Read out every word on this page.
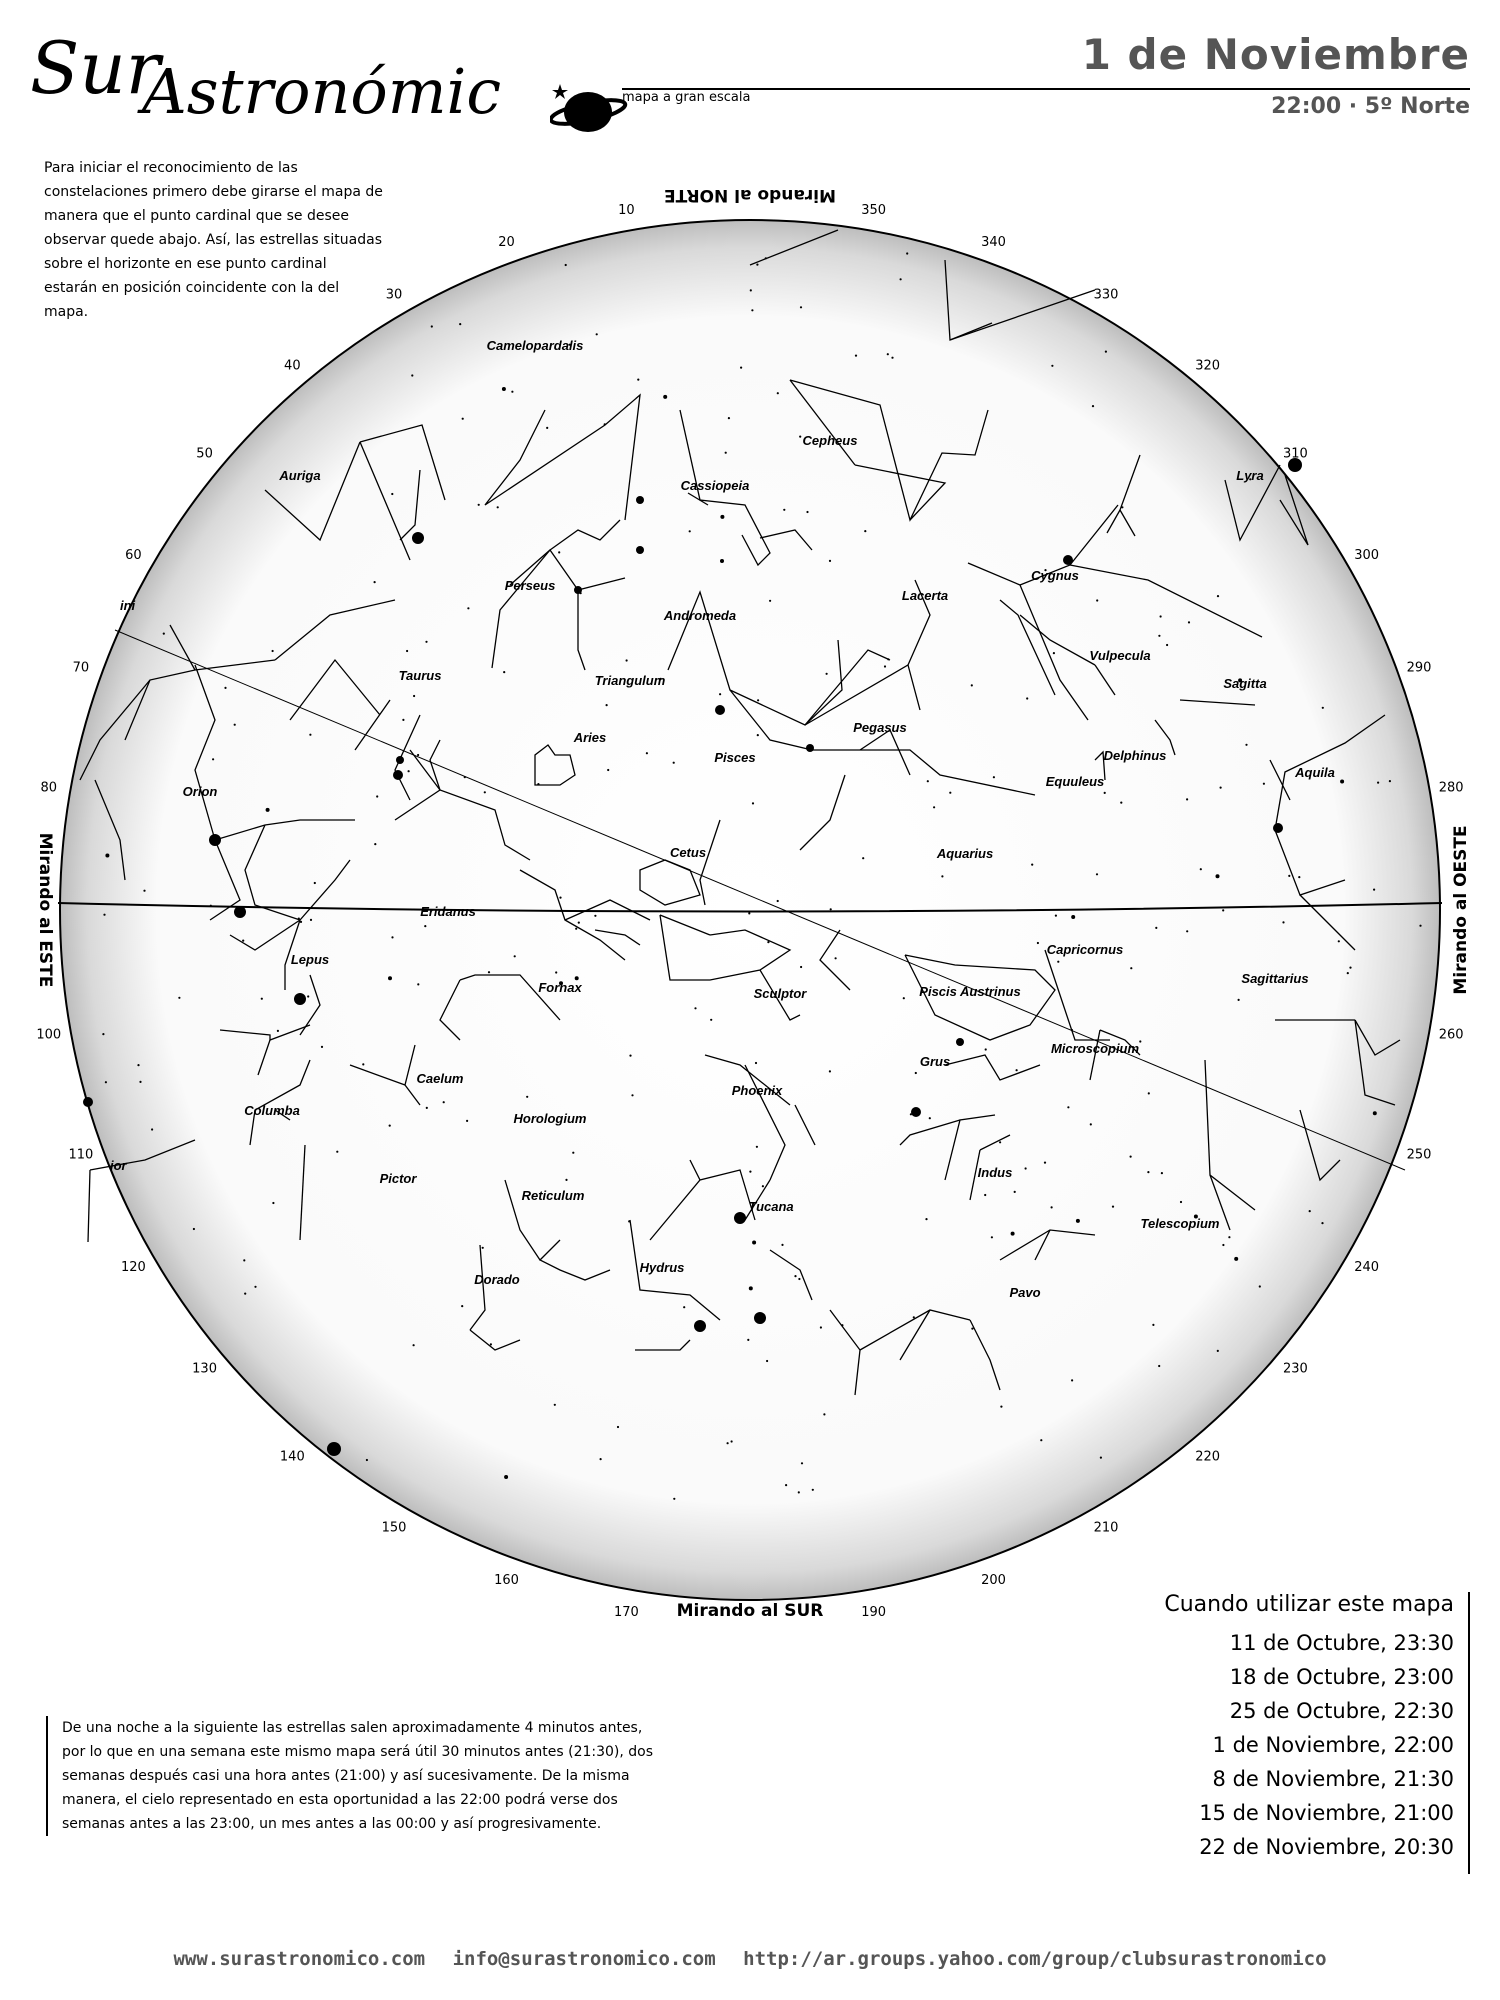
Sur
Astronómic	mapa a gran escala
1 de Noviembre
22:00 · 5º Norte
Para iniciar el reconocimiento de las constelaciones primero debe girarse el mapa de manera que el punto cardinal que se desee observar quede abajo. Así, las estrellas situadas sobre el horizonte en ese punto cardinal estarán en posición coincidente con la del mapa.
10
20
30
40
50
60
70
80
100
110
120
130
140
150
160
170	190
200
210
220
230
240
250
260
280
290
300
310
320
330
340
350
Camelopardalis
Cepheus
Auriga
Cassiopeia
Lyra
Perseus
Lacerta
Cygnus
Andromeda
Taurus	Triangulum
Vulpecula
Sagitta
Aries
Pegasus
Pisces	Delphinus
Equuleus
Aquila
Orion
Cetus	Aquarius
Eridanus
Capricornus
Lepus
Sagittarius
Fornax	Sculptor	Piscis Austrinus
Microscopium
Grus
Caelum
Phoenix
Columba
Horologium
Indus
Pictor
Reticulum
Tucana
Telescopium
Hydrus
Dorado
Pavo
Mirando al NORTE
Mirando al SUR
Mirando al ESTE	Mirando al OESTE
ini
ior
Cuando utilizar este mapa
11 de Octubre, 23:30
18 de Octubre, 23:00
25 de Octubre, 22:30
1 de Noviembre, 22:00
8 de Noviembre, 21:30
15 de Noviembre, 21:00
22 de Noviembre, 20:30
De una noche a la siguiente las estrellas salen aproximadamente 4 minutos antes, por lo que en una semana este mismo mapa será útil 30 minutos antes (21:30), dos semanas después casi una hora antes (21:00) y así sucesivamente. De la misma manera, el cielo representado en esta oportunidad a las 22:00 podrá verse dos semanas antes a las 23:00, un mes antes a las 00:00 y así progresivamente.
www.surastronomico.com info@surastronomico.com http://ar.groups.yahoo.com/group/clubsurastronomico
